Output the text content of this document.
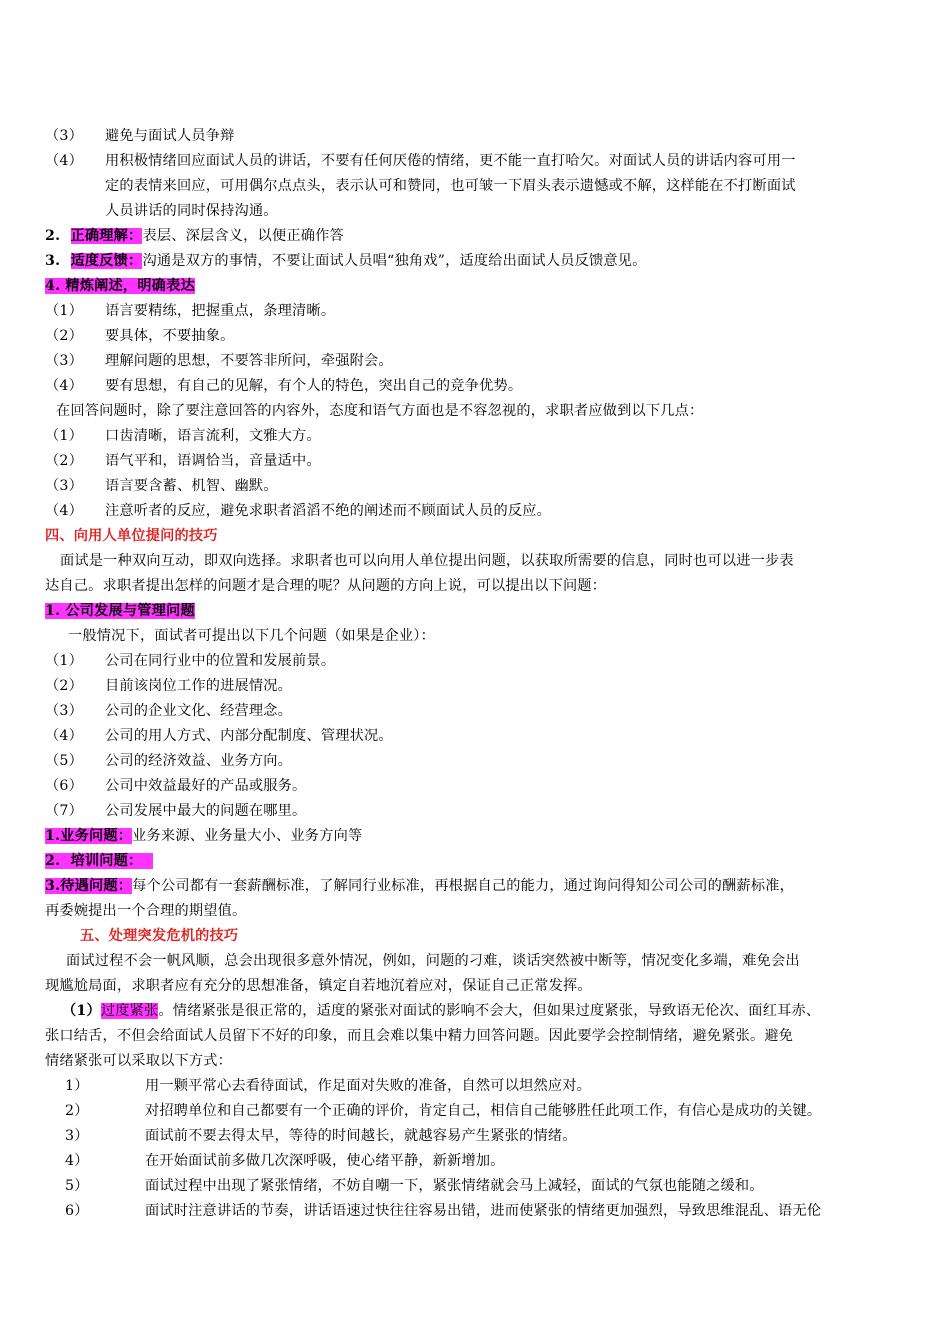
（3） 避免与面试人员争辩
（4） 用积极情绪回应面试人员的讲话，不要有任何厌倦的情绪，更不能一直打哈欠。对面试人员的讲话内容可用一
定的表情来回应，可用偶尔点点头，表示认可和赞同，也可皱一下眉头表示遗憾或不解，这样能在不打断面试
人员讲话的同时保持沟通。
2. 正确理解：表层、深层含义，以便正确作答
3. 适度反馈：沟通是双方的事情，不要让面试人员唱“独角戏”，适度给出面试人员反馈意见。
4. 精炼阐述，明确表达
（1） 语言要精练，把握重点，条理清晰。
（2） 要具体，不要抽象。
（3） 理解问题的思想，不要答非所问，牵强附会。
（4） 要有思想，有自己的见解，有个人的特色，突出自己的竞争优势。
在回答问题时，除了要注意回答的内容外，态度和语气方面也是不容忽视的，求职者应做到以下几点：
（1） 口齿清晰，语言流利，文雅大方。
（2） 语气平和，语调恰当，音量适中。
（3） 语言要含蓄、机智、幽默。
（4） 注意听者的反应，避免求职者滔滔不绝的阐述而不顾面试人员的反应。
四、向用人单位提问的技巧
面试是一种双向互动，即双向选择。求职者也可以向用人单位提出问题，以获取所需要的信息，同时也可以进一步表
达自己。求职者提出怎样的问题才是合理的呢？从问题的方向上说，可以提出以下问题：
1. 公司发展与管理问题
一般情况下，面试者可提出以下几个问题（如果是企业）：
（1） 公司在同行业中的位置和发展前景。
（2） 目前该岗位工作的进展情况。
（3） 公司的企业文化、经营理念。
（4） 公司的用人方式、内部分配制度、管理状况。
（5） 公司的经济效益、业务方向。
（6） 公司中效益最好的产品或服务。
（7） 公司发展中最大的问题在哪里。
1.业务问题：业务来源、业务量大小、业务方向等
2.  培训问题：
3.待遇问题：每个公司都有一套薪酬标准，了解同行业标准，再根据自己的能力，通过询问得知公司公司的酬薪标准，
再委婉提出一个合理的期望值。
五、处理突发危机的技巧
面试过程不会一帆风顺，总会出现很多意外情况，例如，问题的刁难，谈话突然被中断等，情况变化多端，难免会出
现尴尬局面，求职者应有充分的思想准备，镇定自若地沉着应对，保证自己正常发挥。
（1）过度紧张。情绪紧张是很正常的，适度的紧张对面试的影响不会大，但如果过度紧张，导致语无伦次、面红耳赤、
张口结舌，不但会给面试人员留下不好的印象，而且会难以集中精力回答问题。因此要学会控制情绪，避免紧张。避免
情绪紧张可以采取以下方式：
1）	用一颗平常心去看待面试，作足面对失败的准备，自然可以坦然应对。
2）	对招聘单位和自己都要有一个正确的评价，肯定自己，相信自己能够胜任此项工作，有信心是成功的关键。
3）	面试前不要去得太早，等待的时间越长，就越容易产生紧张的情绪。
4）	在开始面试前多做几次深呼吸，使心绪平静，新新增加。
5）	面试过程中出现了紧张情绪，不妨自嘲一下，紧张情绪就会马上减轻，面试的气氛也能随之缓和。
6）	面试时注意讲话的节奏，讲话语速过快往往容易出错，进而使紧张的情绪更加强烈，导致思维混乱、语无伦
